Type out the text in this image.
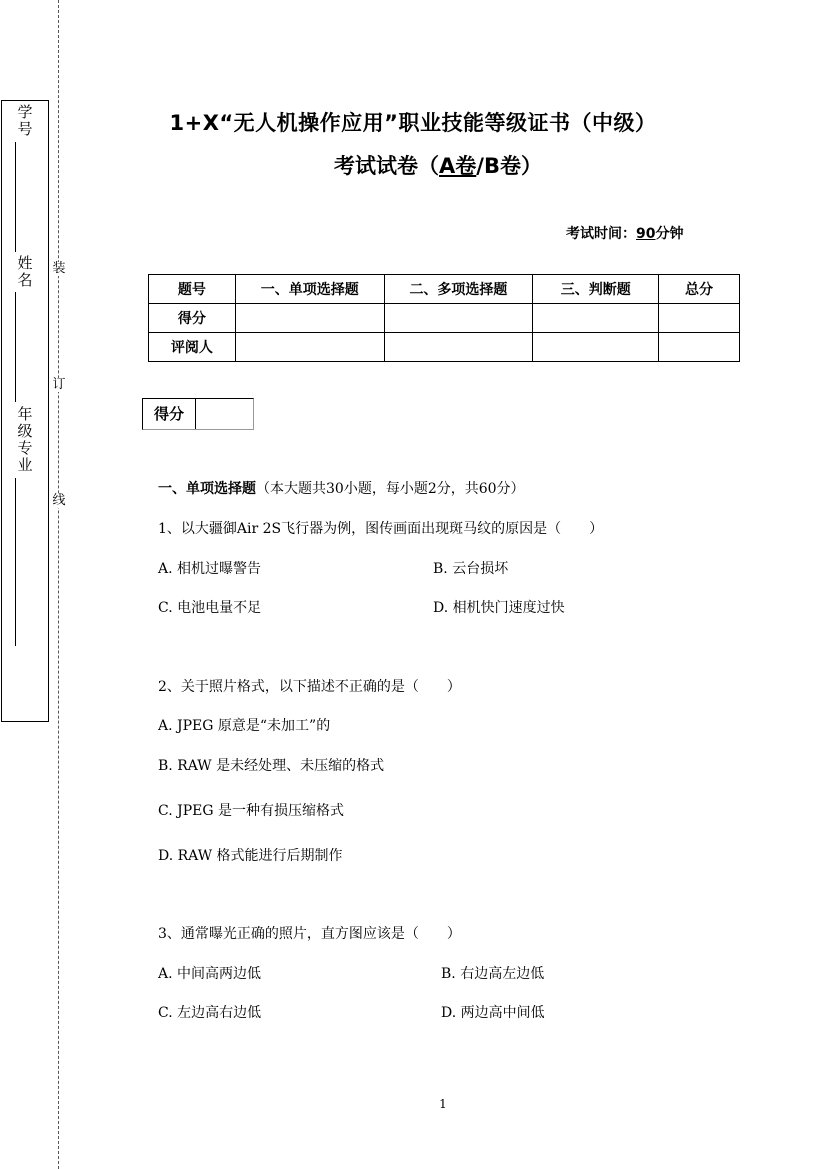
装
订
线
学号
姓名
年级专业
1+X“无人机操作应用”职业技能等级证书（中级）
考试试卷（A卷/B卷）
考试时间：90分钟
题号	一、单项选择题	二、多项选择题	三、判断题	总分
得分				
评阅人				
得分
一、单项选择题（本大题共30小题，每小题2分，共60分）
1、以大疆御Air 2S飞行器为例，图传画面出现斑马纹的原因是（　　）
A. 相机过曝警告	B. 云台损坏
C. 电池电量不足	D. 相机快门速度过快
2、关于照片格式，以下描述不正确的是（　　）
A. JPEG 原意是“未加工”的
B. RAW 是未经处理、未压缩的格式
C. JPEG 是一种有损压缩格式
D. RAW 格式能进行后期制作
3、通常曝光正确的照片，直方图应该是（　　）
A. 中间高两边低	B. 右边高左边低
C. 左边高右边低	D. 两边高中间低
1
